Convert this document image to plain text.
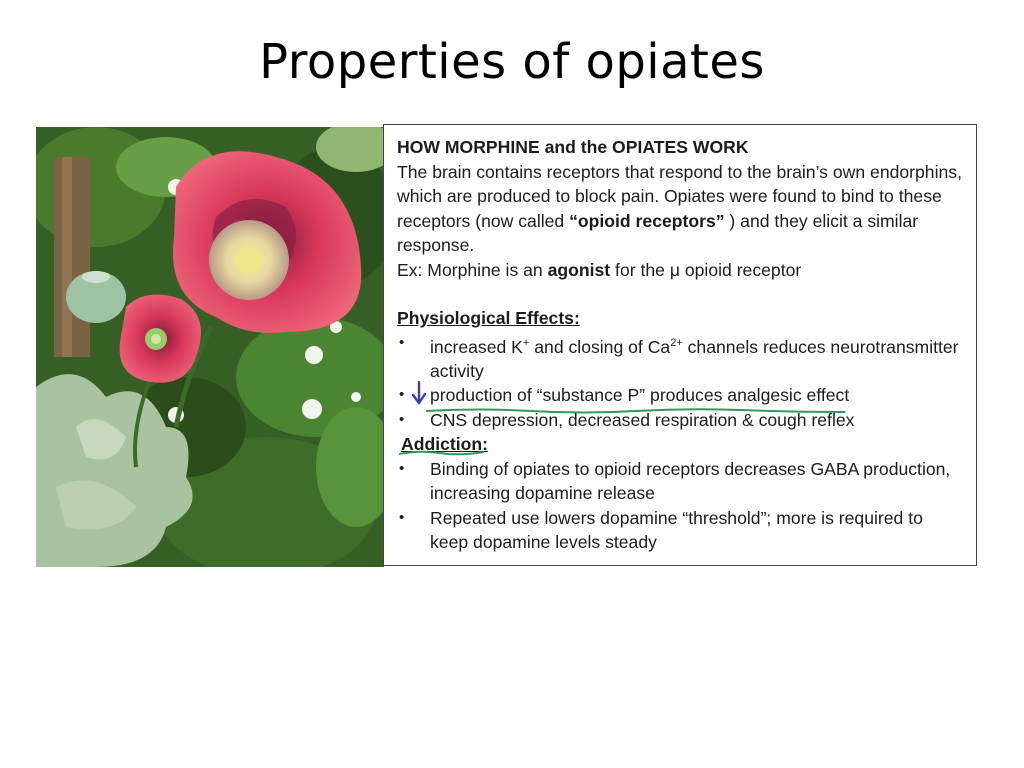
Properties of opiates

HOW MORPHINE and the OPIATES WORK

The brain contains receptors that respond to the brain’s own endorphins, which are produced to block pain. Opiates were found to bind to these receptors (now called “opioid receptors” ) and they elicit a similar response.

Ex: Morphine is an agonist for the μ opioid receptor

Physiological Effects:

• increased K+ and closing of $Ca^{2+}$ channels reduces neurotransmitter activity
• production of “substance P” produces analgesic effect
• CNS depression, decreased respiration & cough reflex
Addiction:
• Binding of opiates to opioid receptors decreases GABA production, increasing dopamine release
• Repeated use lowers dopamine “threshold”; more is required to keep dopamine levels steady
